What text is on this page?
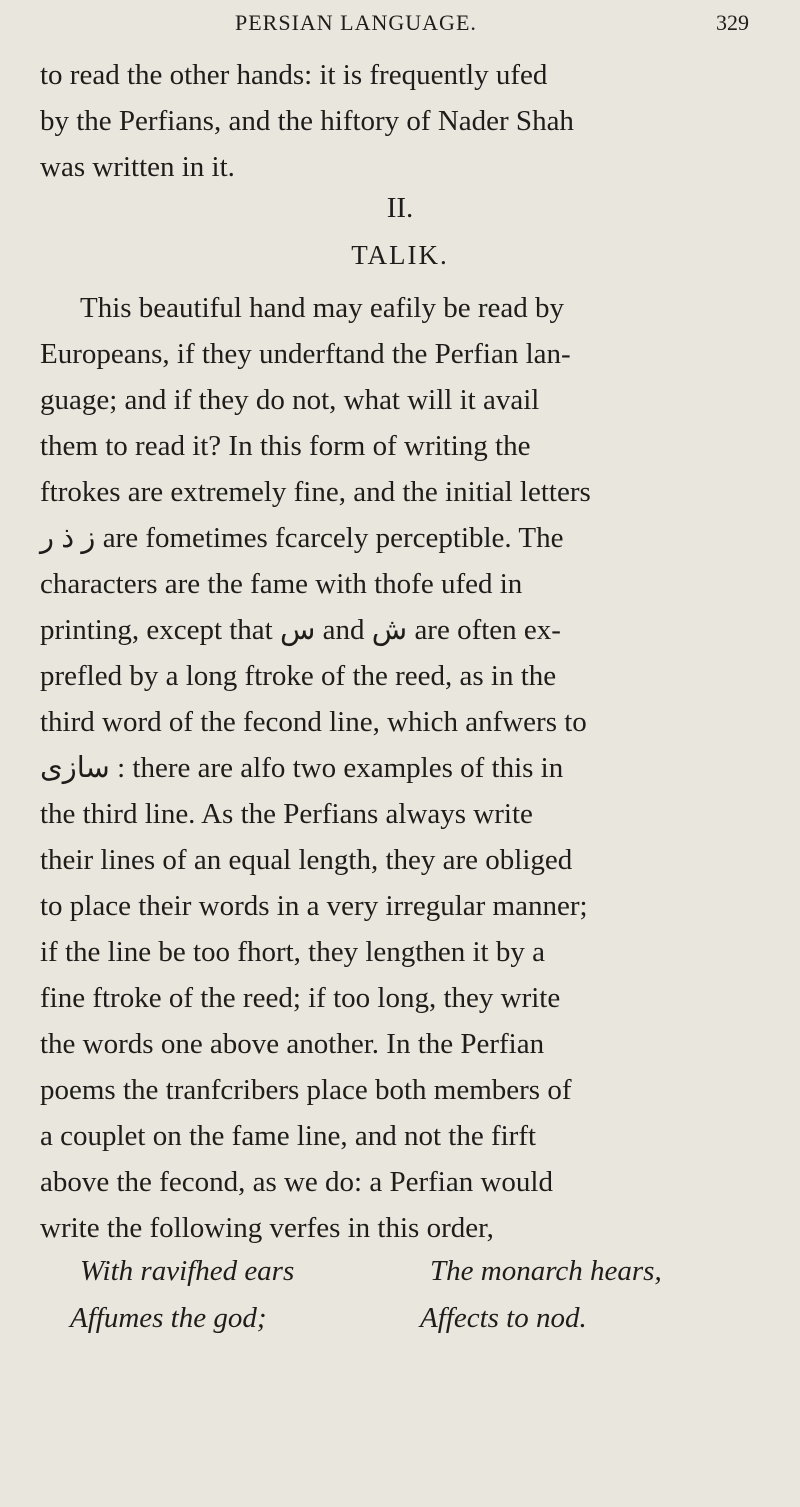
PERSIAN LANGUAGE.	329
to read the other hands: it is frequently ufed
by the Perfians, and the hiftory of Nader Shah
was written in it.
II.
TALIK.
This beautiful hand may eafily be read by
Europeans, if they underftand the Perfian lan-
guage; and if they do not, what will it avail
them to read it? In this form of writing the
ftrokes are extremely fine, and the initial letters
ز ذ ر are fometimes fcarcely perceptible. The
characters are the fame with thofe ufed in
printing, except that س and ش are often ex-
prefled by a long ftroke of the reed, as in the
third word of the fecond line, which anfwers to
سازی : there are alfo two examples of this in
the third line. As the Perfians always write
their lines of an equal length, they are obliged
to place their words in a very irregular manner;
if the line be too fhort, they lengthen it by a
fine ftroke of the reed; if too long, they write
the words one above another. In the Perfian
poems the tranfcribers place both members of
a couplet on the fame line, and not the firft
above the fecond, as we do: a Perfian would
write the following verfes in this order,
With ravifhed ears
Affumes the god;
The monarch hears,
Affects to nod.
